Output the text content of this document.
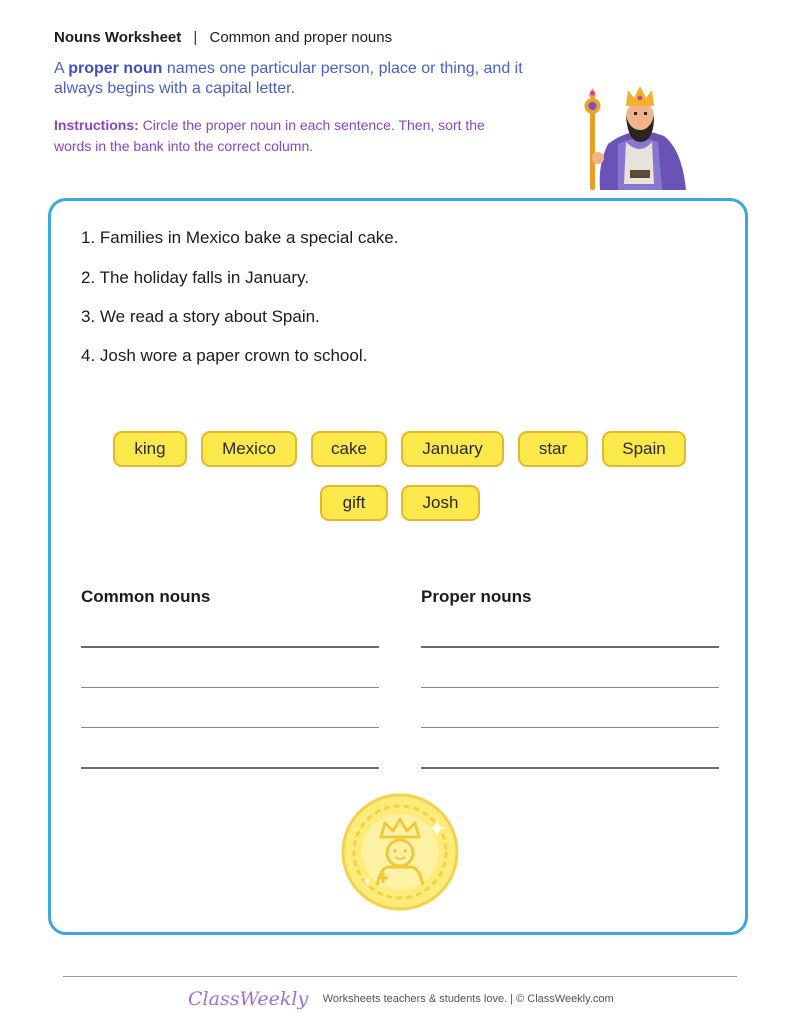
Nouns Worksheet | Common and proper nouns
A proper noun names one particular person, place or thing, and it always begins with a capital letter.
Instructions: Circle the proper noun in each sentence. Then, sort the words in the bank into the correct column.
1. Families in Mexico bake a special cake.
2. The holiday falls in January.
3. We read a story about Spain.
4. Josh wore a paper crown to school.
king	Mexico	cake	January	star	Spain
gift	Josh
Common nouns	Proper nouns
ClassWeekly Worksheets teachers & students love. | © ClassWeekly.com
